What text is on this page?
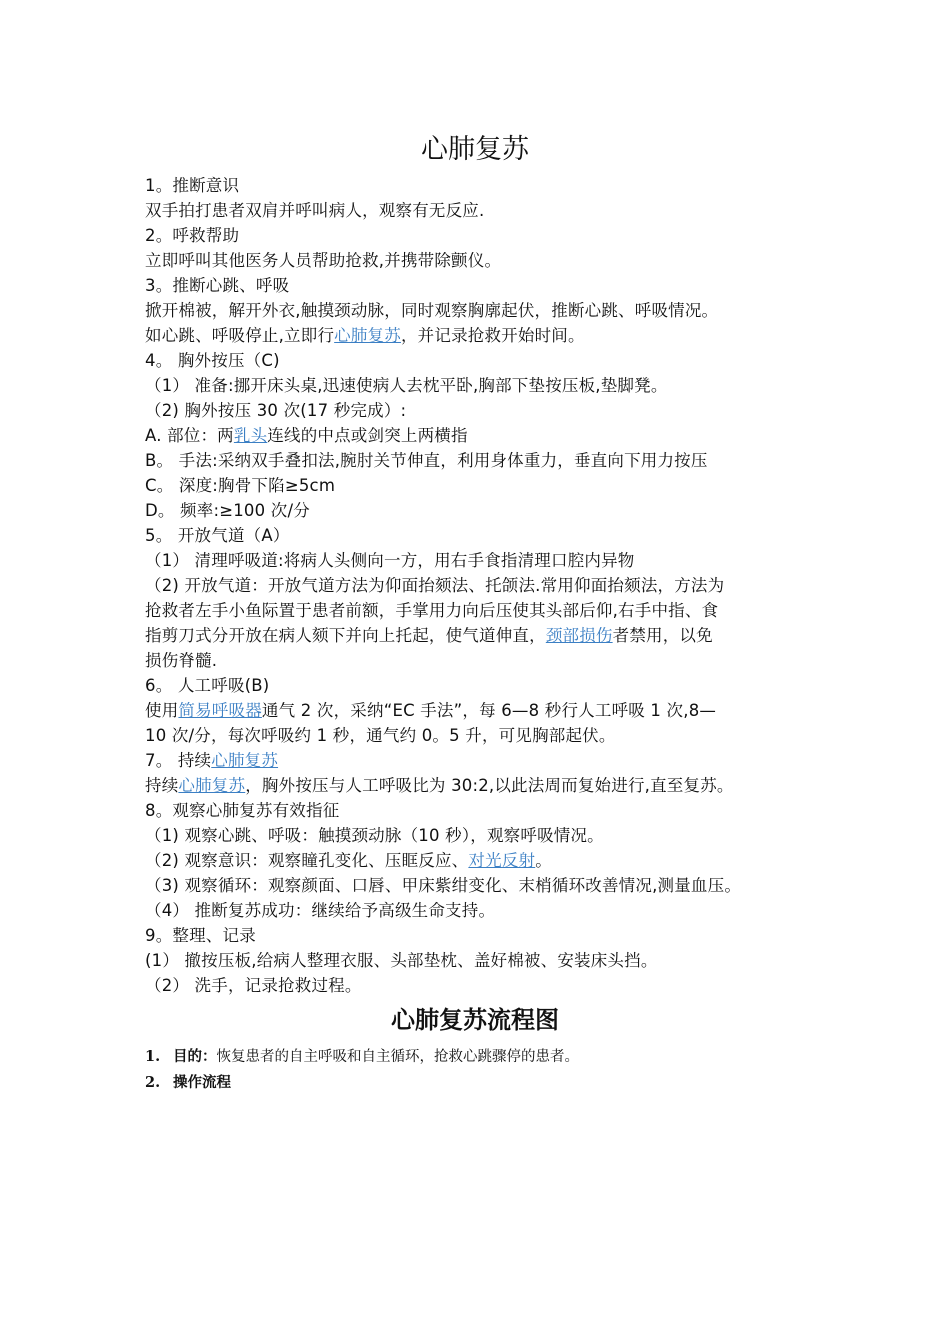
心肺复苏
1。推断意识
双手拍打患者双肩并呼叫病人，观察有无反应.
2。呼救帮助
立即呼叫其他医务人员帮助抢救,并携带除颤仪。
3。推断心跳、呼吸
掀开棉被，解开外衣,触摸颈动脉，同时观察胸廓起伏，推断心跳、呼吸情况。
如心跳、呼吸停止,立即行心肺复苏，并记录抢救开始时间。
4。 胸外按压（C)
（1） 准备:挪开床头桌,迅速使病人去枕平卧,胸部下垫按压板,垫脚凳。
（2) 胸外按压 30 次(17 秒完成）:
A. 部位：两乳头连线的中点或剑突上两横指
B。 手法:采纳双手叠扣法,腕肘关节伸直，利用身体重力，垂直向下用力按压
C。 深度:胸骨下陷≥5cm
D。 频率:≥100 次/分
5。 开放气道（A）
（1） 清理呼吸道:将病人头侧向一方，用右手食指清理口腔内异物
（2) 开放气道：开放气道方法为仰面抬颏法、托颌法.常用仰面抬颏法，方法为
抢救者左手小鱼际置于患者前额，手掌用力向后压使其头部后仰,右手中指、食
指剪刀式分开放在病人颏下并向上托起，使气道伸直，颈部损伤者禁用，以免
损伤脊髓.
6。 人工呼吸(B)
使用简易呼吸器通气 2 次，采纳“EC 手法”，每 6—8 秒行人工呼吸 1 次,8—
10 次/分，每次呼吸约 1 秒，通气约 0。5 升，可见胸部起伏。
7。 持续心肺复苏
持续心肺复苏，胸外按压与人工呼吸比为 30:2,以此法周而复始进行,直至复苏。
8。观察心肺复苏有效指征
（1) 观察心跳、呼吸：触摸颈动脉（10 秒），观察呼吸情况。
（2) 观察意识：观察瞳孔变化、压眶反应、对光反射。
（3) 观察循环：观察颜面、口唇、甲床紫绀变化、末梢循环改善情况,测量血压。
（4） 推断复苏成功：继续给予高级生命支持。
9。整理、记录
(1） 撤按压板,给病人整理衣服、头部垫枕、盖好棉被、安装床头挡。
（2） 洗手，记录抢救过程。
心肺复苏流程图
1. 目的：恢复患者的自主呼吸和自主循环，抢救心跳骤停的患者。
2. 操作流程
